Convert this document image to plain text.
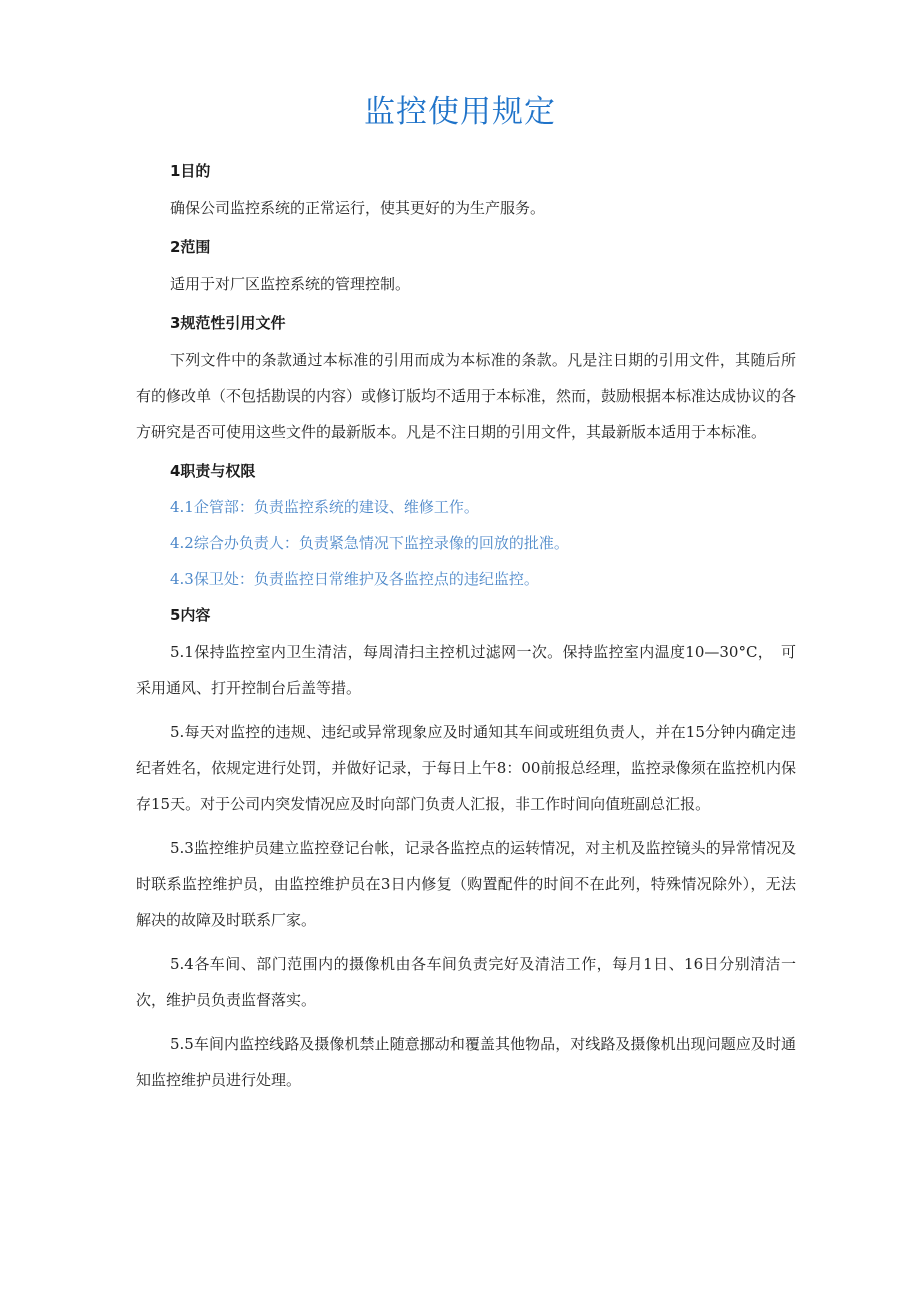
监控使用规定
1目的

确保公司监控系统的正常运行，使其更好的为生产服务。

2范围

适用于对厂区监控系统的管理控制。

3规范性引用文件

下列文件中的条款通过本标准的引用而成为本标准的条款。凡是注日期的引用文件，其随后所有的修改单（不包括勘误的内容）或修订版均不适用于本标准，然而，鼓励根据本标准达成协议的各方研究是否可使用这些文件的最新版本。凡是不注日期的引用文件，其最新版本适用于本标准。

4职责与权限

4.1企管部：负责监控系统的建设、维修工作。

4.2综合办负责人：负责紧急情况下监控录像的回放的批准。

4.3保卫处：负责监控日常维护及各监控点的违纪监控。

5内容

5.1保持监控室内卫生清洁，每周清扫主控机过滤网一次。保持监控室内温度10—30°C，　可采用通风、打开控制台后盖等措。

5.每天对监控的违规、违纪或异常现象应及时通知其车间或班组负责人，并在15分钟内确定违纪者姓名，依规定进行处罚，并做好记录，于每日上午8：00前报总经理，监控录像须在监控机内保存15天。对于公司内突发情况应及时向部门负责人汇报，非工作时间向值班副总汇报。

5.3监控维护员建立监控登记台帐，记录各监控点的运转情况，对主机及监控镜头的异常情况及时联系监控维护员，由监控维护员在3日内修复（购置配件的时间不在此列，特殊情况除外），无法解决的故障及时联系厂家。

5.4各车间、部门范围内的摄像机由各车间负责完好及清洁工作，每月1日、16日分别清洁一次，维护员负责监督落实。

5.5车间内监控线路及摄像机禁止随意挪动和覆盖其他物品，对线路及摄像机出现问题应及时通知监控维护员进行处理。
